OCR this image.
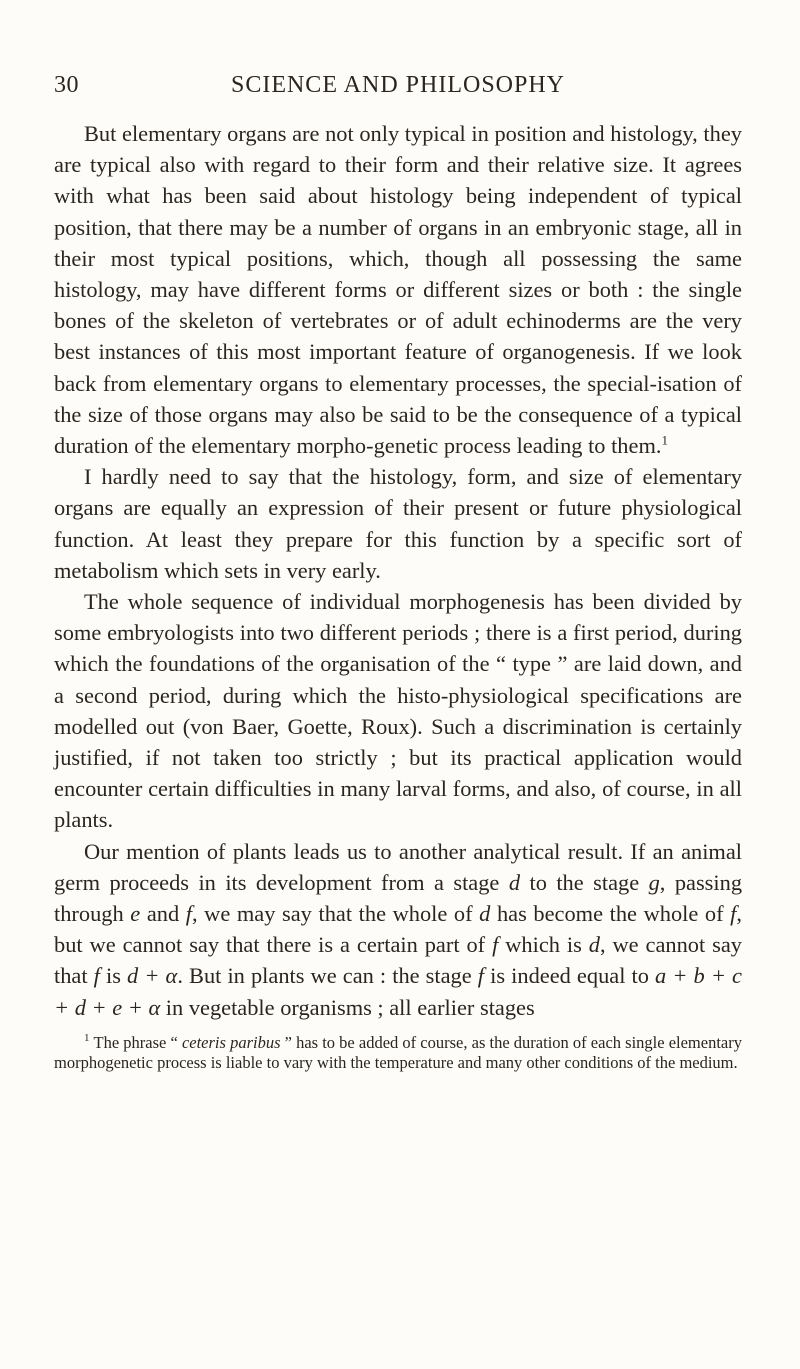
30	SCIENCE AND PHILOSOPHY

But elementary organs are not only typical in position and histology, they are typical also with regard to their form and their relative size. It agrees with what has been said about histology being independent of typical position, that there may be a number of organs in an embryonic stage, all in their most typical positions, which, though all possessing the same histology, may have different forms or different sizes or both : the single bones of the skeleton of vertebrates or of adult echinoderms are the very best instances of this most important feature of organogenesis. If we look back from elementary organs to elementary processes, the special-isation of the size of those organs may also be said to be the consequence of a typical duration of the elementary morpho-genetic process leading to them.$^1$

I hardly need to say that the histology, form, and size of elementary organs are equally an expression of their present or future physiological function. At least they prepare for this function by a specific sort of metabolism which sets in very early.

The whole sequence of individual morphogenesis has been divided by some embryologists into two different periods ; there is a first period, during which the foundations of the organisation of the “ type ” are laid down, and a second period, during which the histo-physiological specifications are modelled out (von Baer, Goette, Roux). Such a discrimination is certainly justified, if not taken too strictly ; but its practical application would encounter certain difficulties in many larval forms, and also, of course, in all plants.

Our mention of plants leads us to another analytical result. If an animal germ proceeds in its development from a stage d to the stage g, passing through e and f, we may say that the whole of d has become the whole of f, but we cannot say that there is a certain part of f which is d, we cannot say that f is d + α. But in plants we can : the stage f is indeed equal to a + b + c + d + e + α in vegetable organisms ; all earlier stages

$^1$ The phrase “ ceteris paribus ” has to be added of course, as the duration of each single elementary morphogenetic process is liable to vary with the temperature and many other conditions of the medium.
